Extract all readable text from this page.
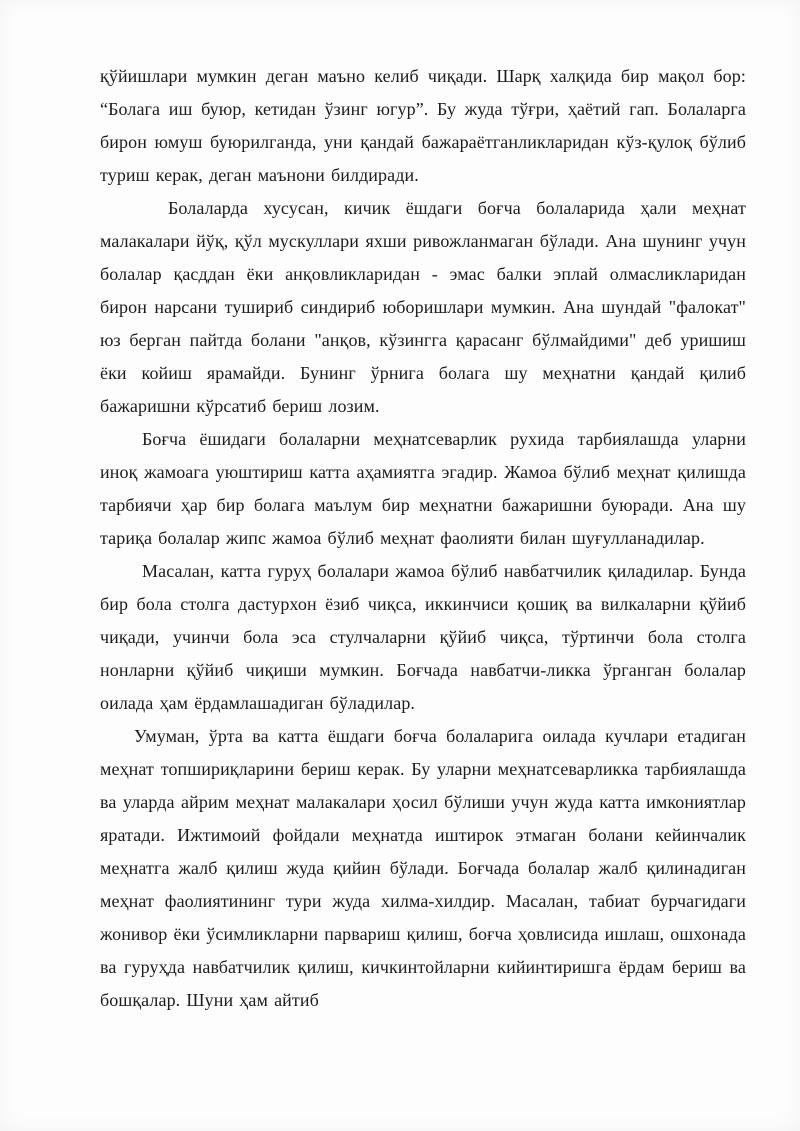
қўйишлари мумкин деган маъно келиб чиқади. Шарқ халқида бир мақол бор: “Болага иш буюр, кетидан ўзинг югур”. Бу жуда тўғри, ҳаётий гап. Болаларга бирон юмуш буюрилганда, уни қандай бажараётганликларидан кўз-қулоқ бўлиб туриш керак, деган маънони билдиради.

Болаларда хусусан, кичик ёшдаги боғча болаларида ҳали меҳнат малакалари йўқ, қўл мускуллари яхши ривожланмаган бўлади. Ана шунинг учун болалар қасддан ёки анқовликларидан - эмас балки эплай олмасликларидан бирон нарсани тушириб синдириб юборишлари мумкин. Ана шундай "фалокат" юз берган пайтда болани "анқов, кўзингга қарасанг бўлмайдими" деб уришиш ёки койиш ярамайди. Бунинг ўрнига болага шу меҳнатни қандай қилиб бажаришни кўрсатиб бериш лозим.

Боғча ёшидаги болаларни меҳнатсеварлик рухида тарбиялашда уларни иноқ жамоага уюштириш катта аҳамиятга эгадир. Жамоа бўлиб меҳнат қилишда тарбиячи ҳар бир болага маълум бир меҳнатни бажаришни буюради. Ана шу тариқа болалар жипс жамоа бўлиб меҳнат фаолияти билан шуғулланадилар.

Масалан, катта гуруҳ болалари жамоа бўлиб навбатчилик қиладилар. Бунда бир бола столга дастурхон ёзиб чиқса, иккинчиси қошиқ ва вилкаларни қўйиб чиқади, учинчи бола эса стулчаларни қўйиб чиқса, тўртинчи бола столга нонларни қўйиб чиқиши мумкин. Боғчада навбатчи-ликка ўрганган болалар оилада ҳам ёрдамлашадиган бўладилар.

Умуман, ўрта ва катта ёшдаги боғча болаларига оилада кучлари етадиган меҳнат топшириқларини бериш керак. Бу уларни меҳнатсеварликка тарбиялашда ва уларда айрим меҳнат малакалари ҳосил бўлиши учун жуда катта имкониятлар яратади. Ижтимоий фойдали меҳнатда иштирок этмаган болани кейинчалик меҳнатга жалб қилиш жуда қийин бўлади. Боғчада болалар жалб қилинадиган меҳнат фаолиятининг тури жуда хилма-хилдир. Масалан, табиат бурчагидаги жонивор ёки ўсимликларни парвариш қилиш, боғча ҳовлисида ишлаш, ошхонада ва гуруҳда навбатчилик қилиш, кичкинтойларни кийинтиришга ёрдам бериш ва бошқалар. Шуни ҳам айтиб
